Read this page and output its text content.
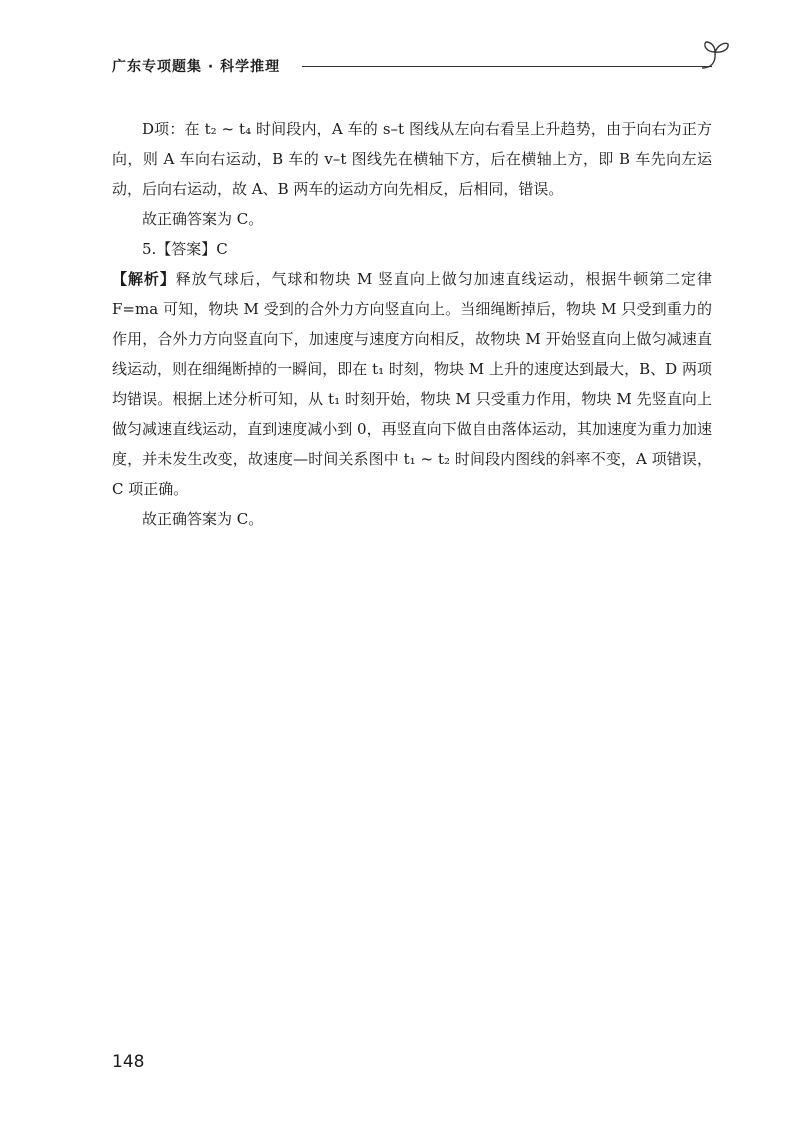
广东专项题集 · 科学推理

D项：在 t₂ ~ t₄ 时间段内，A 车的 s–t 图线从左向右看呈上升趋势，由于向右为正方向，则 A 车向右运动，B 车的 v–t 图线先在横轴下方，后在横轴上方，即 B 车先向左运动，后向右运动，故 A、B 两车的运动方向先相反，后相同，错误。

故正确答案为 C。

5.【答案】C

【解析】释放气球后，气球和物块 M 竖直向上做匀加速直线运动，根据牛顿第二定律 F=ma 可知，物块 M 受到的合外力方向竖直向上。当细绳断掉后，物块 M 只受到重力的作用，合外力方向竖直向下，加速度与速度方向相反，故物块 M 开始竖直向上做匀减速直线运动，则在细绳断掉的一瞬间，即在 t₁ 时刻，物块 M 上升的速度达到最大，B、D 两项均错误。根据上述分析可知，从 t₁ 时刻开始，物块 M 只受重力作用，物块 M 先竖直向上做匀减速直线运动，直到速度减小到 0，再竖直向下做自由落体运动，其加速度为重力加速度，并未发生改变，故速度—时间关系图中 t₁ ~ t₂ 时间段内图线的斜率不变，A 项错误，C 项正确。

故正确答案为 C。

148
